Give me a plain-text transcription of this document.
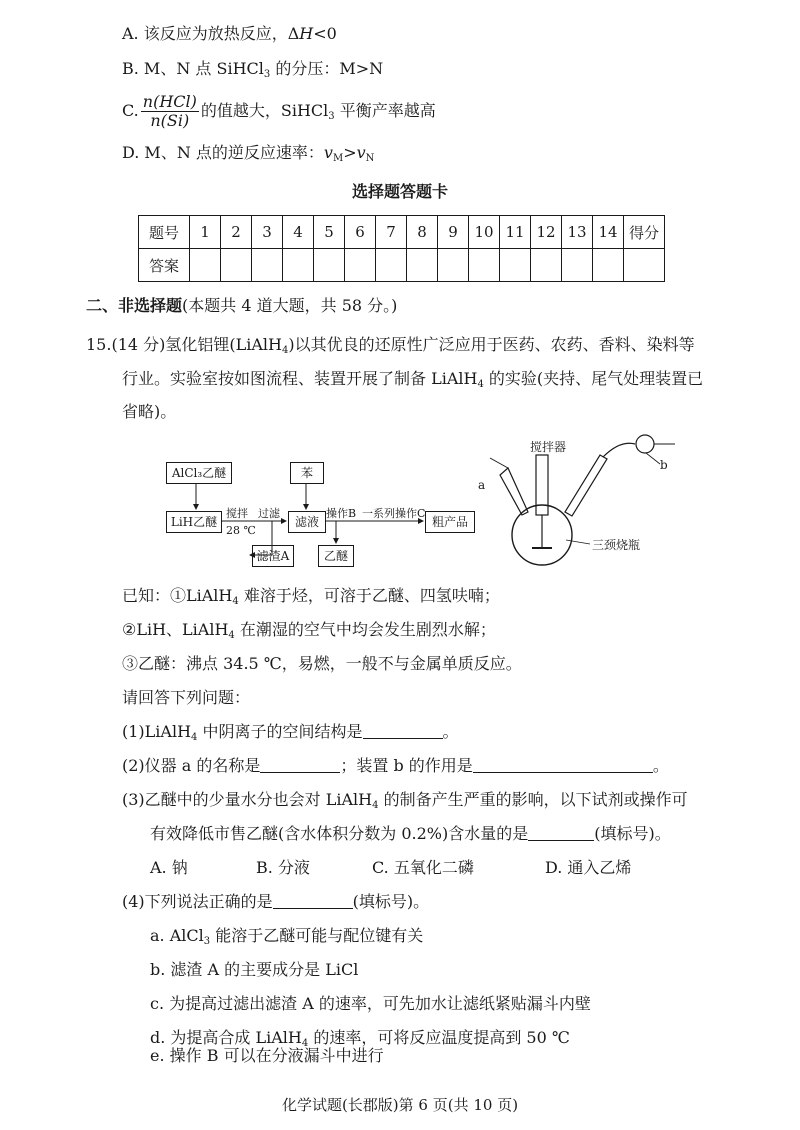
A. 该反应为放热反应，ΔH<0
B. M、N 点 SiHCl$_3$ 的分压：M>N
C. $\frac{\text{n(HCl)}}{n(Si)}$ 的值越大，SiHCl$_3$ 平衡产率越高
D. M、N 点的逆反应速率：$v_M>v_N$
选择题答题卡
题号	1	2	3	4	5	6	7	8	9	10	11	12	13	14	得分
答案															
二、非选择题(本题共 4 道大题，共 58 分。)
15.(14 分)氢化铝锂(LiAlH$_4$)以其优良的还原性广泛应用于医药、农药、香料、染料等
行业。实验室按如图流程、装置开展了制备 LiAlH$_4$ 的实验(夹持、尾气处理装置已
省略)。
AlCl₃乙醚
LiH乙醚
苯
滤液	粗产品
滤渣A	乙醚
搅拌
28 ℃
过滤	操作B 一系列操作C
搅拌器
a
b
三颈烧瓶
已知：①LiAlH$_4$ 难溶于烃，可溶于乙醚、四氢呋喃；
②LiH、LiAlH$_4$ 在潮湿的空气中均会发生剧烈水解；
③乙醚：沸点 34.5 ℃，易燃，一般不与金属单质反应。
请回答下列问题：
(1)LiAlH$_4$ 中阴离子的空间结构是	。
(2)仪器 a 的名称是	；装置 b 的作用是	。
(3)乙醚中的少量水分也会对 LiAlH$_4$ 的制备产生严重的影响，以下试剂或操作可
有效降低市售乙醚(含水体积分数为 0.2%)含水量的是	(填标号)。
A. 钠	B. 分液	C. 五氧化二磷	D. 通入乙烯
(4)下列说法正确的是	(填标号)。
a. AlCl$_3$ 能溶于乙醚可能与配位键有关
b. 滤渣 A 的主要成分是 LiCl
c. 为提高过滤出滤渣 A 的速率，可先加水让滤纸紧贴漏斗内壁
d. 为提高合成 LiAlH$_4$ 的速率，可将反应温度提高到 50 ℃
e. 操作 B 可以在分液漏斗中进行
化学试题(长郡版)第 6 页(共 10 页)
